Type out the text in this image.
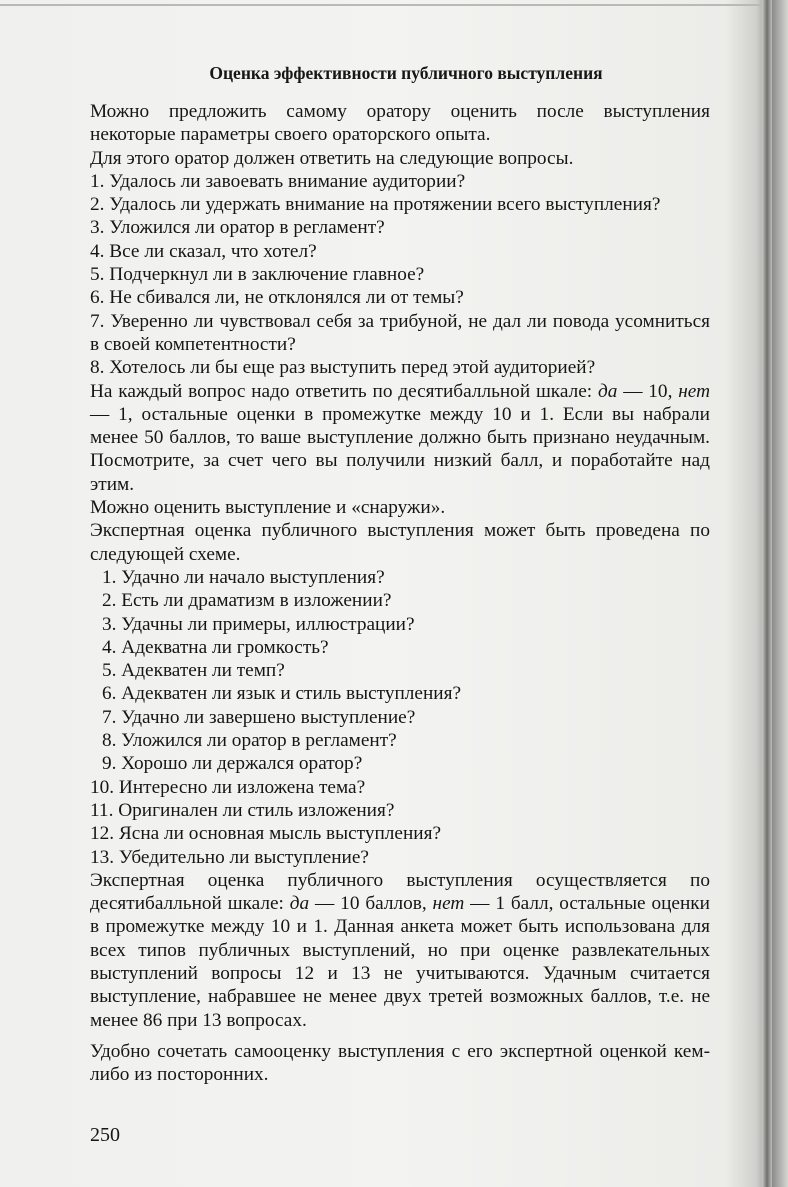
Оценка эффективности публичного выступления

Можно предложить самому оратору оценить после выступления некоторые параметры своего ораторского опыта.

Для этого оратор должен ответить на следующие вопросы.

1. Удалось ли завоевать внимание аудитории?
2. Удалось ли удержать внимание на протяжении всего выступления?
3. Уложился ли оратор в регламент?
4. Все ли сказал, что хотел?
5. Подчеркнул ли в заключение главное?
6. Не сбивался ли, не отклонялся ли от темы?
7. Уверенно ли чувствовал себя за трибуной, не дал ли повода усомниться в своей компетентности?
8. Хотелось ли бы еще раз выступить перед этой аудиторией?

На каждый вопрос надо ответить по десятибалльной шкале: да — 10, нет — 1, остальные оценки в промежутке между 10 и 1. Если вы набрали менее 50 баллов, то ваше выступление должно быть признано неудачным. Посмотрите, за счет чего вы получили низкий балл, и поработайте над этим.

Можно оценить выступление и «снаружи».

Экспертная оценка публичного выступления может быть проведена по следующей схеме.

1. Удачно ли начало выступления?
2. Есть ли драматизм в изложении?
3. Удачны ли примеры, иллюстрации?
4. Адекватна ли громкость?
5. Адекватен ли темп?
6. Адекватен ли язык и стиль выступления?
7. Удачно ли завершено выступление?
8. Уложился ли оратор в регламент?
9. Хорошо ли держался оратор?
10. Интересно ли изложена тема?
11. Оригинален ли стиль изложения?
12. Ясна ли основная мысль выступления?
13. Убедительно ли выступление?

Экспертная оценка публичного выступления осуществляется по десятибалльной шкале: да — 10 баллов, нет — 1 балл, остальные оценки в промежутке между 10 и 1. Данная анкета может быть использована для всех типов публичных выступлений, но при оценке развлекательных выступлений вопросы 12 и 13 не учитываются. Удачным считается выступление, набравшее не менее двух третей возможных баллов, т.е. не менее 86 при 13 вопросах.

Удобно сочетать самооценку выступления с его экспертной оценкой кем-либо из посторонних.

250
